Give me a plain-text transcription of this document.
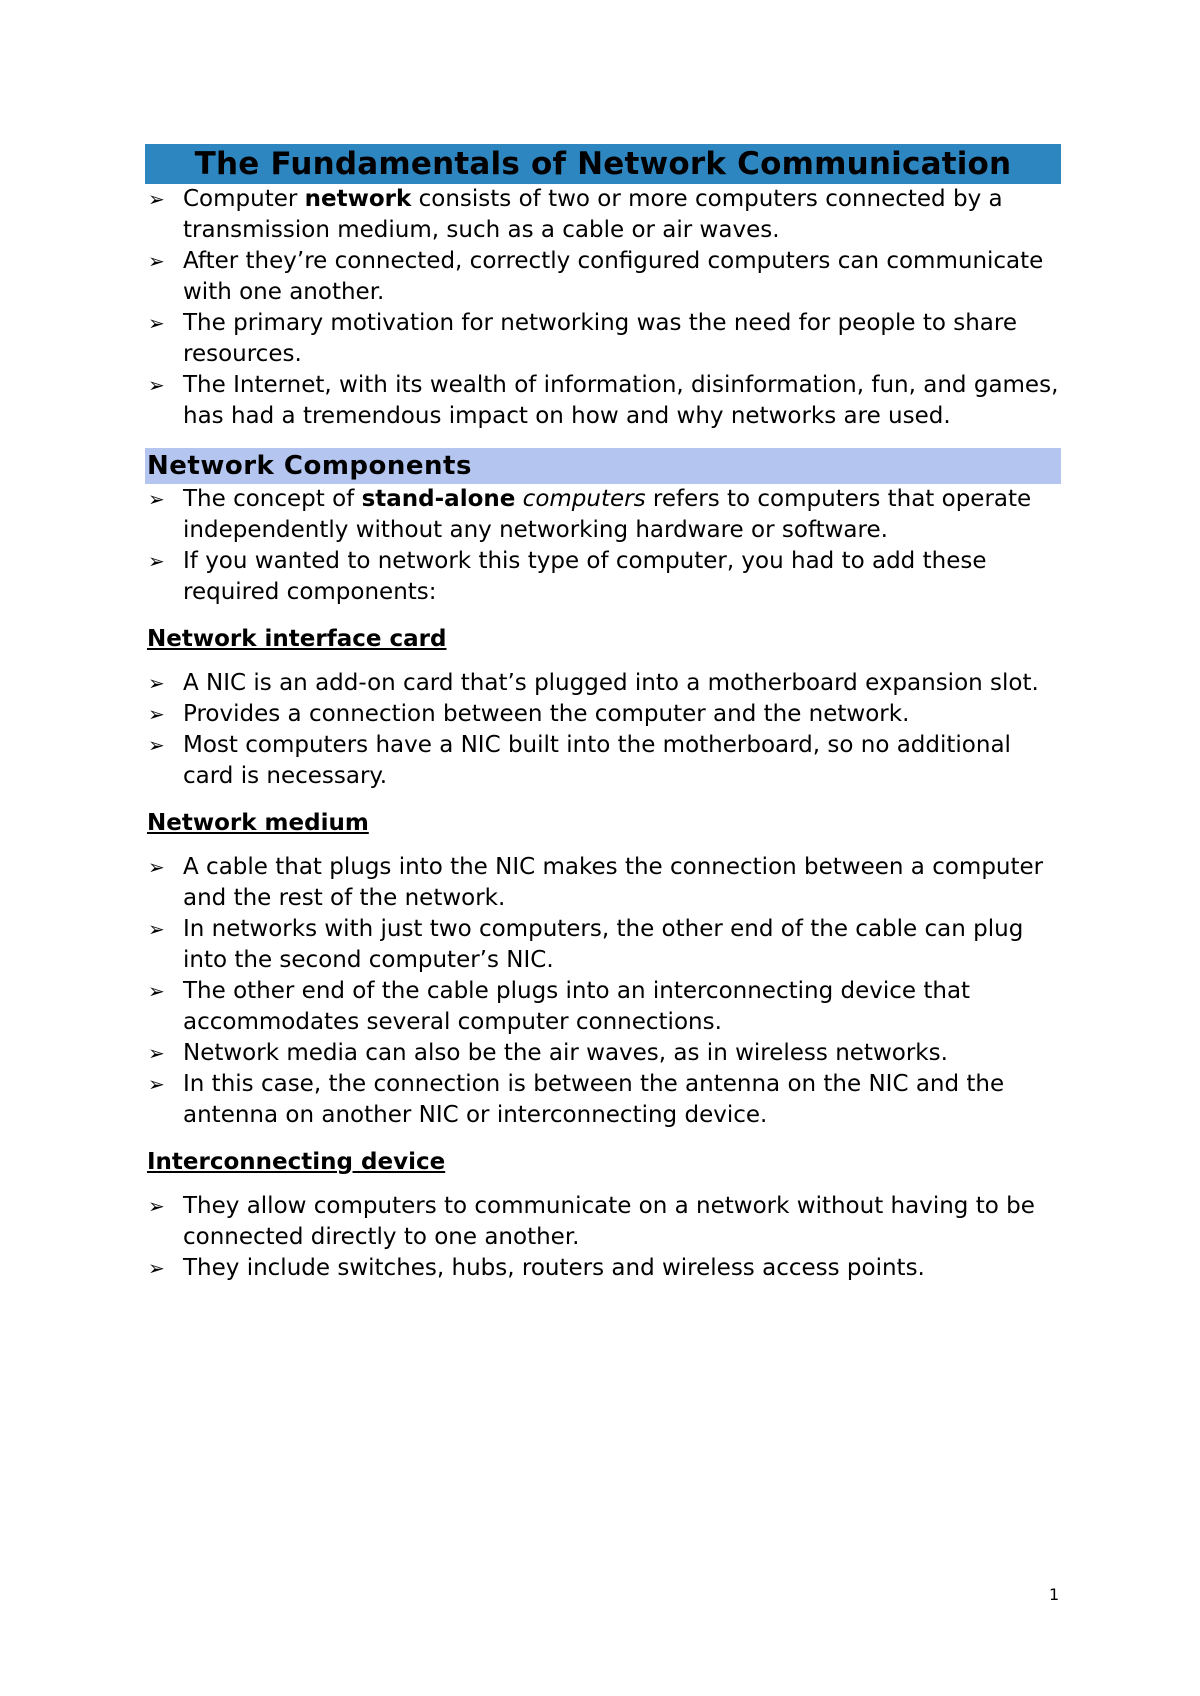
The Fundamentals of Network Communication
➢ Computer network consists of two or more computers connected by a transmission medium, such as a cable or air waves.
➢ After they’re connected, correctly configured computers can communicate with one another.
➢ The primary motivation for networking was the need for people to share resources.
➢ The Internet, with its wealth of information, disinformation, fun, and games, has had a tremendous impact on how and why networks are used.
Network Components
➢ The concept of stand-alone computers refers to computers that operate independently without any networking hardware or software.
➢ If you wanted to network this type of computer, you had to add these required components:
Network interface card
➢ A NIC is an add-on card that’s plugged into a motherboard expansion slot.
➢ Provides a connection between the computer and the network.
➢ Most computers have a NIC built into the motherboard, so no additional card is necessary.
Network medium
➢ A cable that plugs into the NIC makes the connection between a computer and the rest of the network.
➢ In networks with just two computers, the other end of the cable can plug into the second computer’s NIC.
➢ The other end of the cable plugs into an interconnecting device that accommodates several computer connections.
➢ Network media can also be the air waves, as in wireless networks.
➢ In this case, the connection is between the antenna on the NIC and the antenna on another NIC or interconnecting device.
Interconnecting device
➢ They allow computers to communicate on a network without having to be connected directly to one another.
➢ They include switches, hubs, routers and wireless access points.
1
